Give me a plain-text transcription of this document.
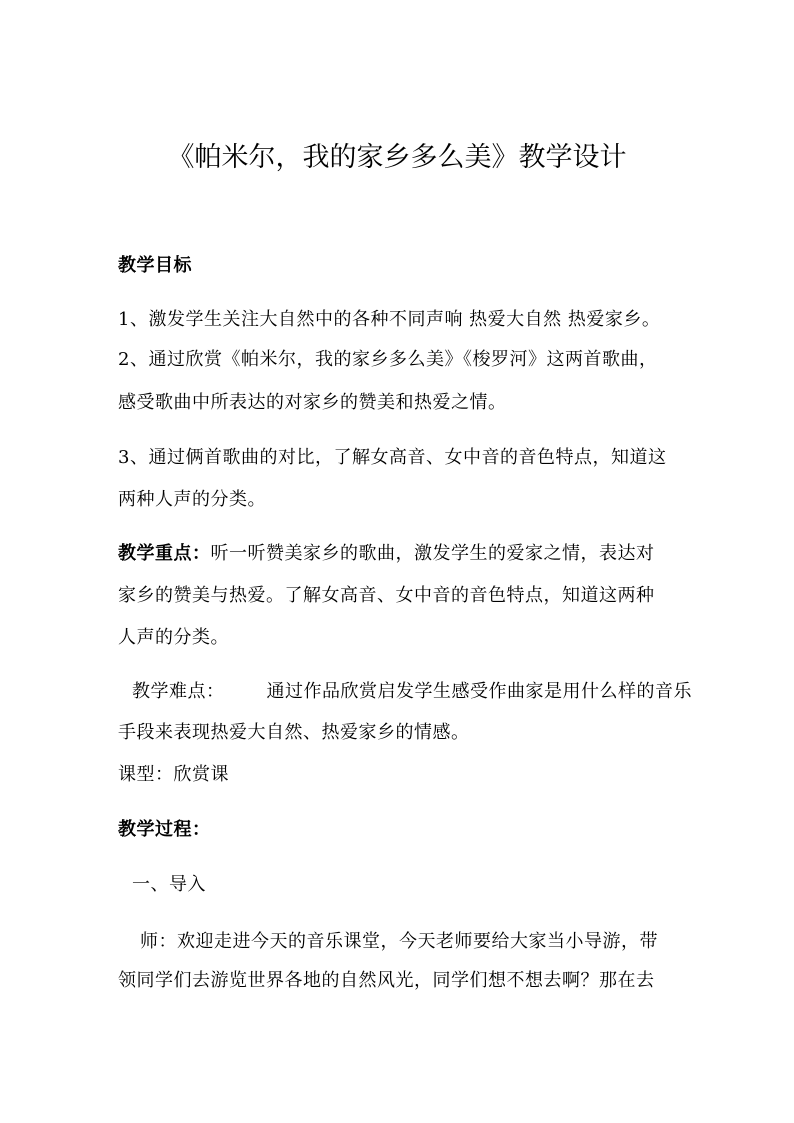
《帕米尔，我的家乡多么美》教学设计
教学目标
1、激发学生关注大自然中的各种不同声响 热爱大自然 热爱家乡。
2、通过欣赏《帕米尔，我的家乡多么美》《梭罗河》这两首歌曲，
感受歌曲中所表达的对家乡的赞美和热爱之情。
3、通过俩首歌曲的对比，了解女高音、女中音的音色特点，知道这
两种人声的分类。
教学重点：听一听赞美家乡的歌曲，激发学生的爱家之情，表达对
家乡的赞美与热爱。了解女高音、女中音的音色特点，知道这两种
人声的分类。
教学难点： 通过作品欣赏启发学生感受作曲家是用什么样的音乐
手段来表现热爱大自然、热爱家乡的情感。
课型：欣赏课
教学过程：
一、导入
师：欢迎走进今天的音乐课堂，今天老师要给大家当小导游，带
领同学们去游览世界各地的自然风光，同学们想不想去啊？那在去
